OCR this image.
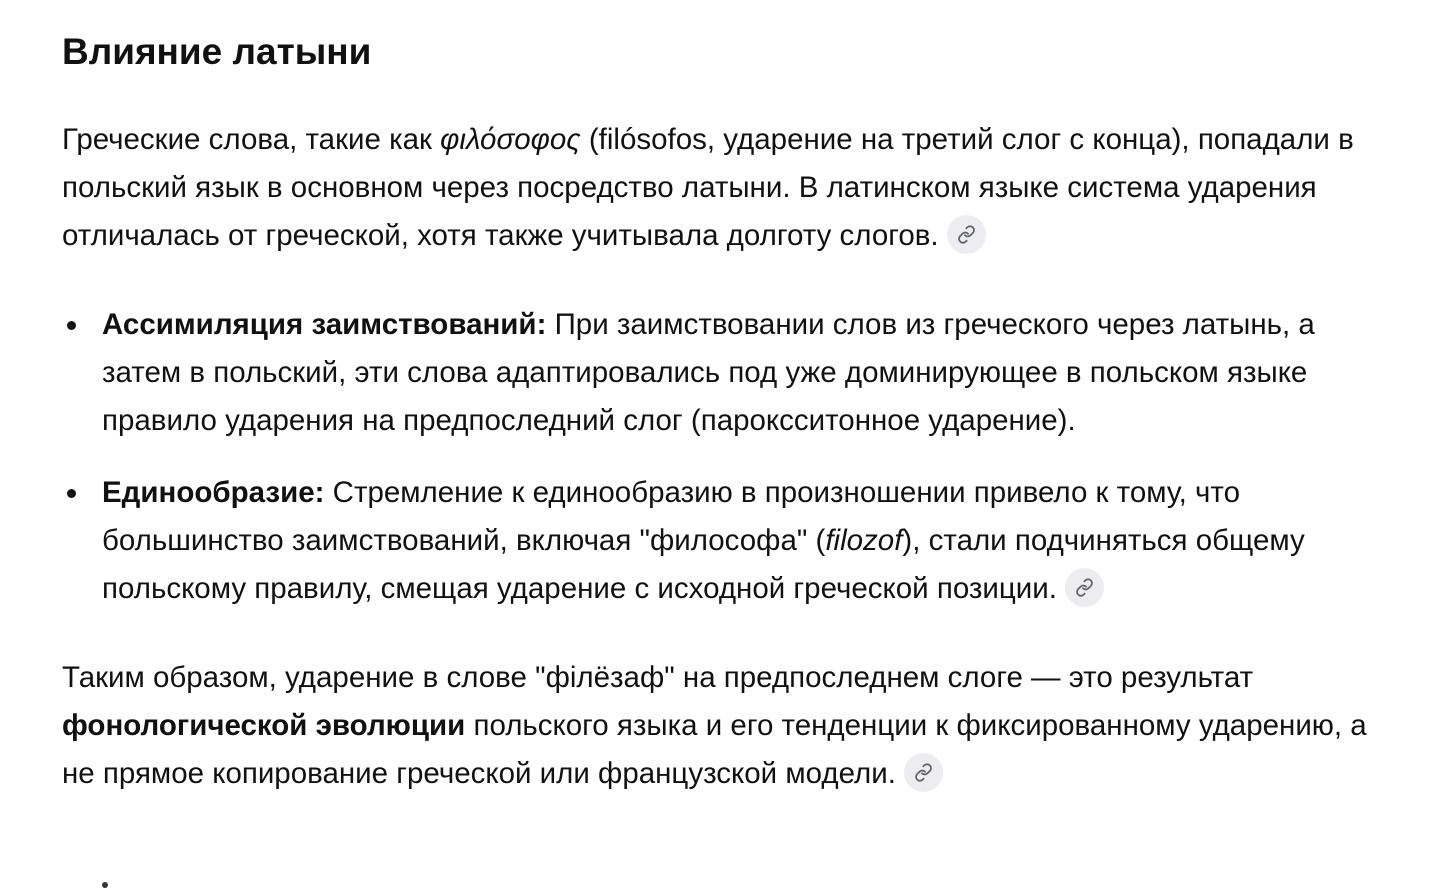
Влияние латыни

Греческие слова, такие как φιλόσοφος (filósofos, ударение на третий слог с конца), попадали в польский язык в основном через посредство латыни. В латинском языке система ударения отличалась от греческой, хотя также учитывала долготу слогов.

Ассимиляция заимствований: При заимствовании слов из греческого через латынь, а затем в польский, эти слова адаптировались под уже доминирующее в польском языке правило ударения на предпоследний слог (пароксситонное ударение).
Единообразие: Стремление к единообразию в произношении привело к тому, что большинство заимствований, включая "философа" (filozof), стали подчиняться общему польскому правилу, смещая ударение с исходной греческой позиции.

Таким образом, ударение в слове "філёзаф" на предпоследнем слоге — это результат фонологической эволюции польского языка и его тенденции к фиксированному ударению, а не прямое копирование греческой или французской модели.
